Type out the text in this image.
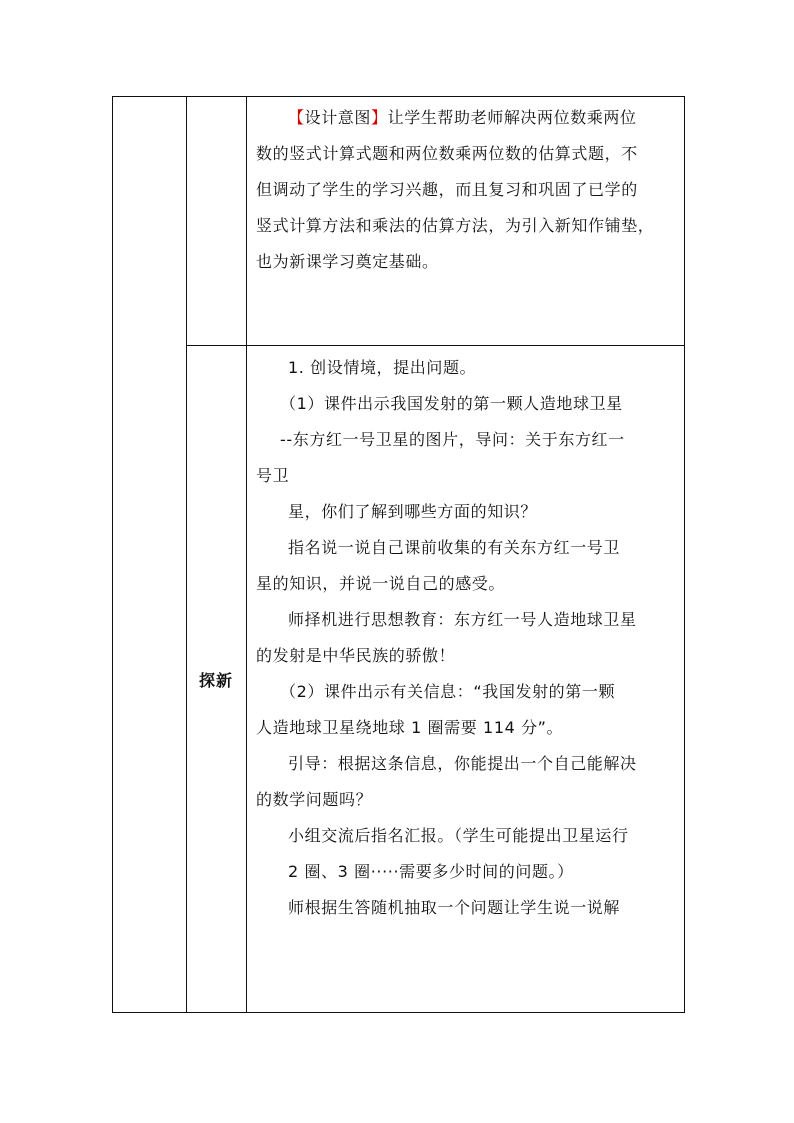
【设计意图】让学生帮助老师解决两位数乘两位

数的竖式计算式题和两位数乘两位数的估算式题，不

但调动了学生的学习兴趣，而且复习和巩固了已学的

竖式计算方法和乘法的估算方法，为引入新知作铺垫，

也为新课学习奠定基础。

探新

1. 创设情境，提出问题。

（1）课件出示我国发射的第一颗人造地球卫星

--东方红一号卫星的图片，导问：关于东方红一

号卫

星，你们了解到哪些方面的知识？

指名说一说自己课前收集的有关东方红一号卫

星的知识，并说一说自己的感受。

师择机进行思想教育：东方红一号人造地球卫星

的发射是中华民族的骄傲！

（2）课件出示有关信息：“我国发射的第一颗

人造地球卫星绕地球 1 圈需要 114 分”。

引导：根据这条信息，你能提出一个自己能解决

的数学问题吗？

小组交流后指名汇报。（学生可能提出卫星运行

2 圈、3 圈·····需要多少时间的问题。）

师根据生答随机抽取一个问题让学生说一说解
